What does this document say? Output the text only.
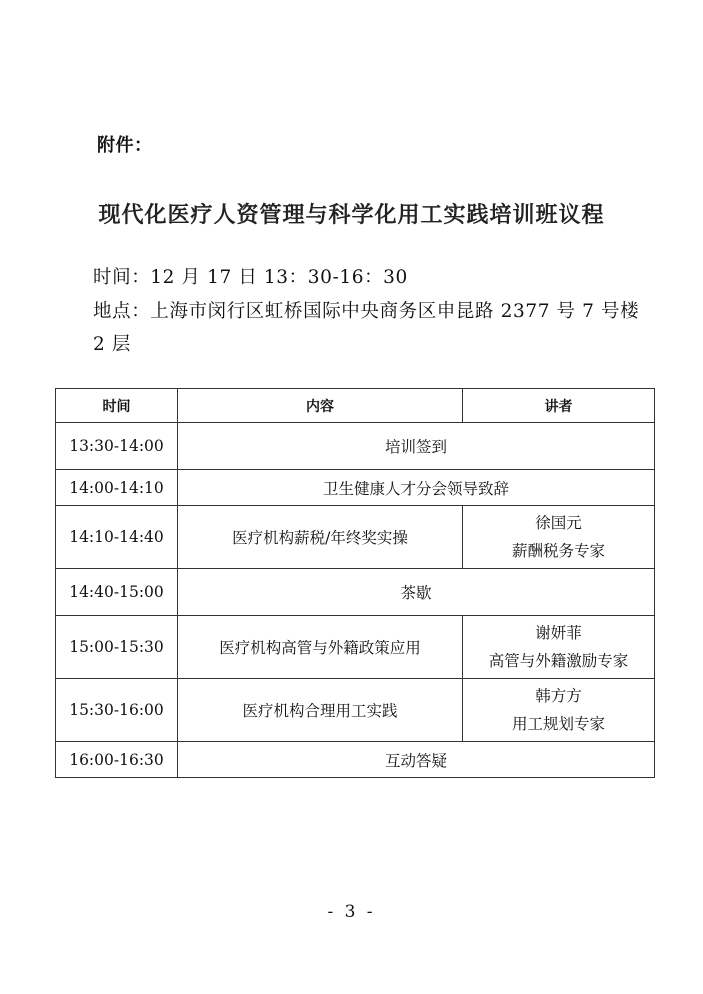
附件：
现代化医疗人资管理与科学化用工实践培训班议程
时间：12 月 17 日 13：30-16：30
地点：上海市闵行区虹桥国际中央商务区申昆路 2377 号 7 号楼
2 层
时间	内容	讲者
13:30-14:00	培训签到	
14:00-14:10	卫生健康人才分会领导致辞	
14:10-14:40	医疗机构薪税/年终奖实操	徐国元
薪酬税务专家

14:40-15:00	茶歇	
15:00-15:30	医疗机构高管与外籍政策应用	谢妍菲
高管与外籍激励专家

15:30-16:00	医疗机构合理用工实践	韩方方
用工规划专家

16:00-16:30	互动答疑	
- 3 -
